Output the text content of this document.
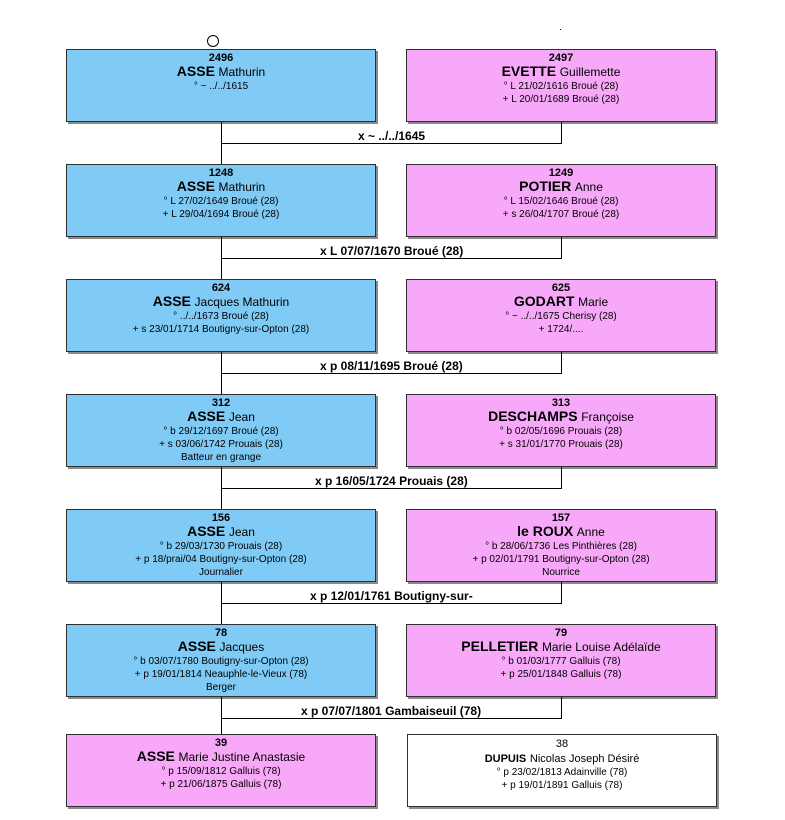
2496
ASSE Mathurin
° ~ ../../1615
2497
EVETTE Guillemette
° L 21/02/1616 Broué (28)
+ L 20/01/1689 Broué (28)
x ~ ../../1645
1248
ASSE Mathurin
° L 27/02/1649 Broué (28)
+ L 29/04/1694 Broué (28)
1249
POTIER Anne
° L 15/02/1646 Broué (28)
+ s 26/04/1707 Broué (28)
x L 07/07/1670 Broué (28)
624
ASSE Jacques Mathurin
° ../../1673 Broué (28)
+ s 23/01/1714 Boutigny-sur-Opton (28)
625
GODART Marie
° ~ ../../1675 Cherisy (28)
+ 1724/....
x p 08/11/1695 Broué (28)
312
ASSE Jean
° b 29/12/1697 Broué (28)
+ s 03/06/1742 Prouais (28)
Batteur en grange
313
DESCHAMPS Françoise
° b 02/05/1696 Prouais (28)
+ s 31/01/1770 Prouais (28)
x p 16/05/1724 Prouais (28)
156
ASSE Jean
° b 29/03/1730 Prouais (28)
+ p 18/prai/04 Boutigny-sur-Opton (28)
Journalier
157
le ROUX Anne
° b 28/06/1736 Les Pinthières (28)
+ p 02/01/1791 Boutigny-sur-Opton (28)
Nourrice
x p 12/01/1761 Boutigny-sur-
78
ASSE Jacques
° b 03/07/1780 Boutigny-sur-Opton (28)
+ p 19/01/1814 Neauphle-le-Vieux (78)
Berger
79
PELLETIER Marie Louise Adélaïde
° b 01/03/1777 Galluis (78)
+ p 25/01/1848 Galluis (78)
x p 07/07/1801 Gambaiseuil (78)
39
ASSE Marie Justine Anastasie
° p 15/09/1812 Galluis (78)
+ p 21/06/1875 Galluis (78)
38
DUPUIS Nicolas Joseph Désiré
° p 23/02/1813 Adainville (78)
+ p 19/01/1891 Galluis (78)
